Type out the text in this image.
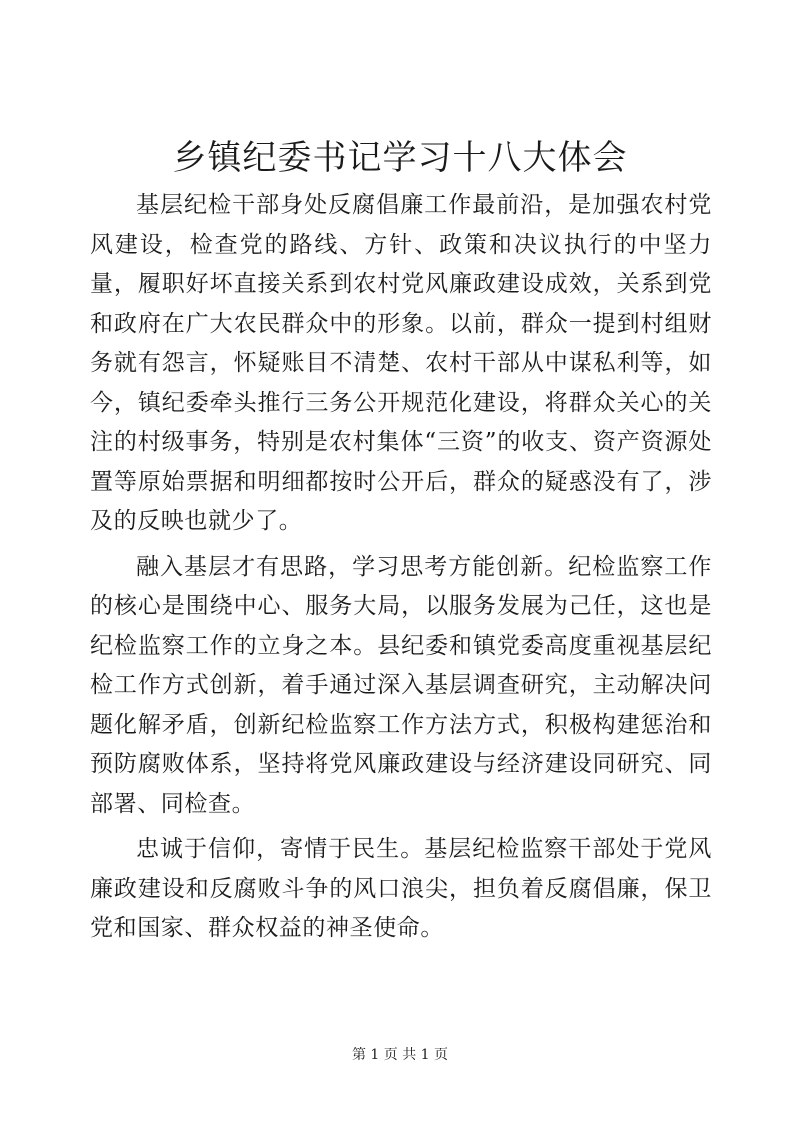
乡镇纪委书记学习十八大体会

基层纪检干部身处反腐倡廉工作最前沿，是加强农村党风建设，检查党的路线、方针、政策和决议执行的中坚力量，履职好坏直接关系到农村党风廉政建设成效，关系到党和政府在广大农民群众中的形象。以前，群众一提到村组财务就有怨言，怀疑账目不清楚、农村干部从中谋私利等，如今，镇纪委牵头推行三务公开规范化建设，将群众关心的关注的村级事务，特别是农村集体“三资”的收支、资产资源处置等原始票据和明细都按时公开后，群众的疑惑没有了，涉及的反映也就少了。

融入基层才有思路，学习思考方能创新。纪检监察工作的核心是围绕中心、服务大局，以服务发展为己任，这也是纪检监察工作的立身之本。县纪委和镇党委高度重视基层纪检工作方式创新，着手通过深入基层调查研究，主动解决问题化解矛盾，创新纪检监察工作方法方式，积极构建惩治和预防腐败体系，坚持将党风廉政建设与经济建设同研究、同部署、同检查。

忠诚于信仰，寄情于民生。基层纪检监察干部处于党风廉政建设和反腐败斗争的风口浪尖，担负着反腐倡廉，保卫党和国家、群众权益的神圣使命。

第 1 页 共 1 页
